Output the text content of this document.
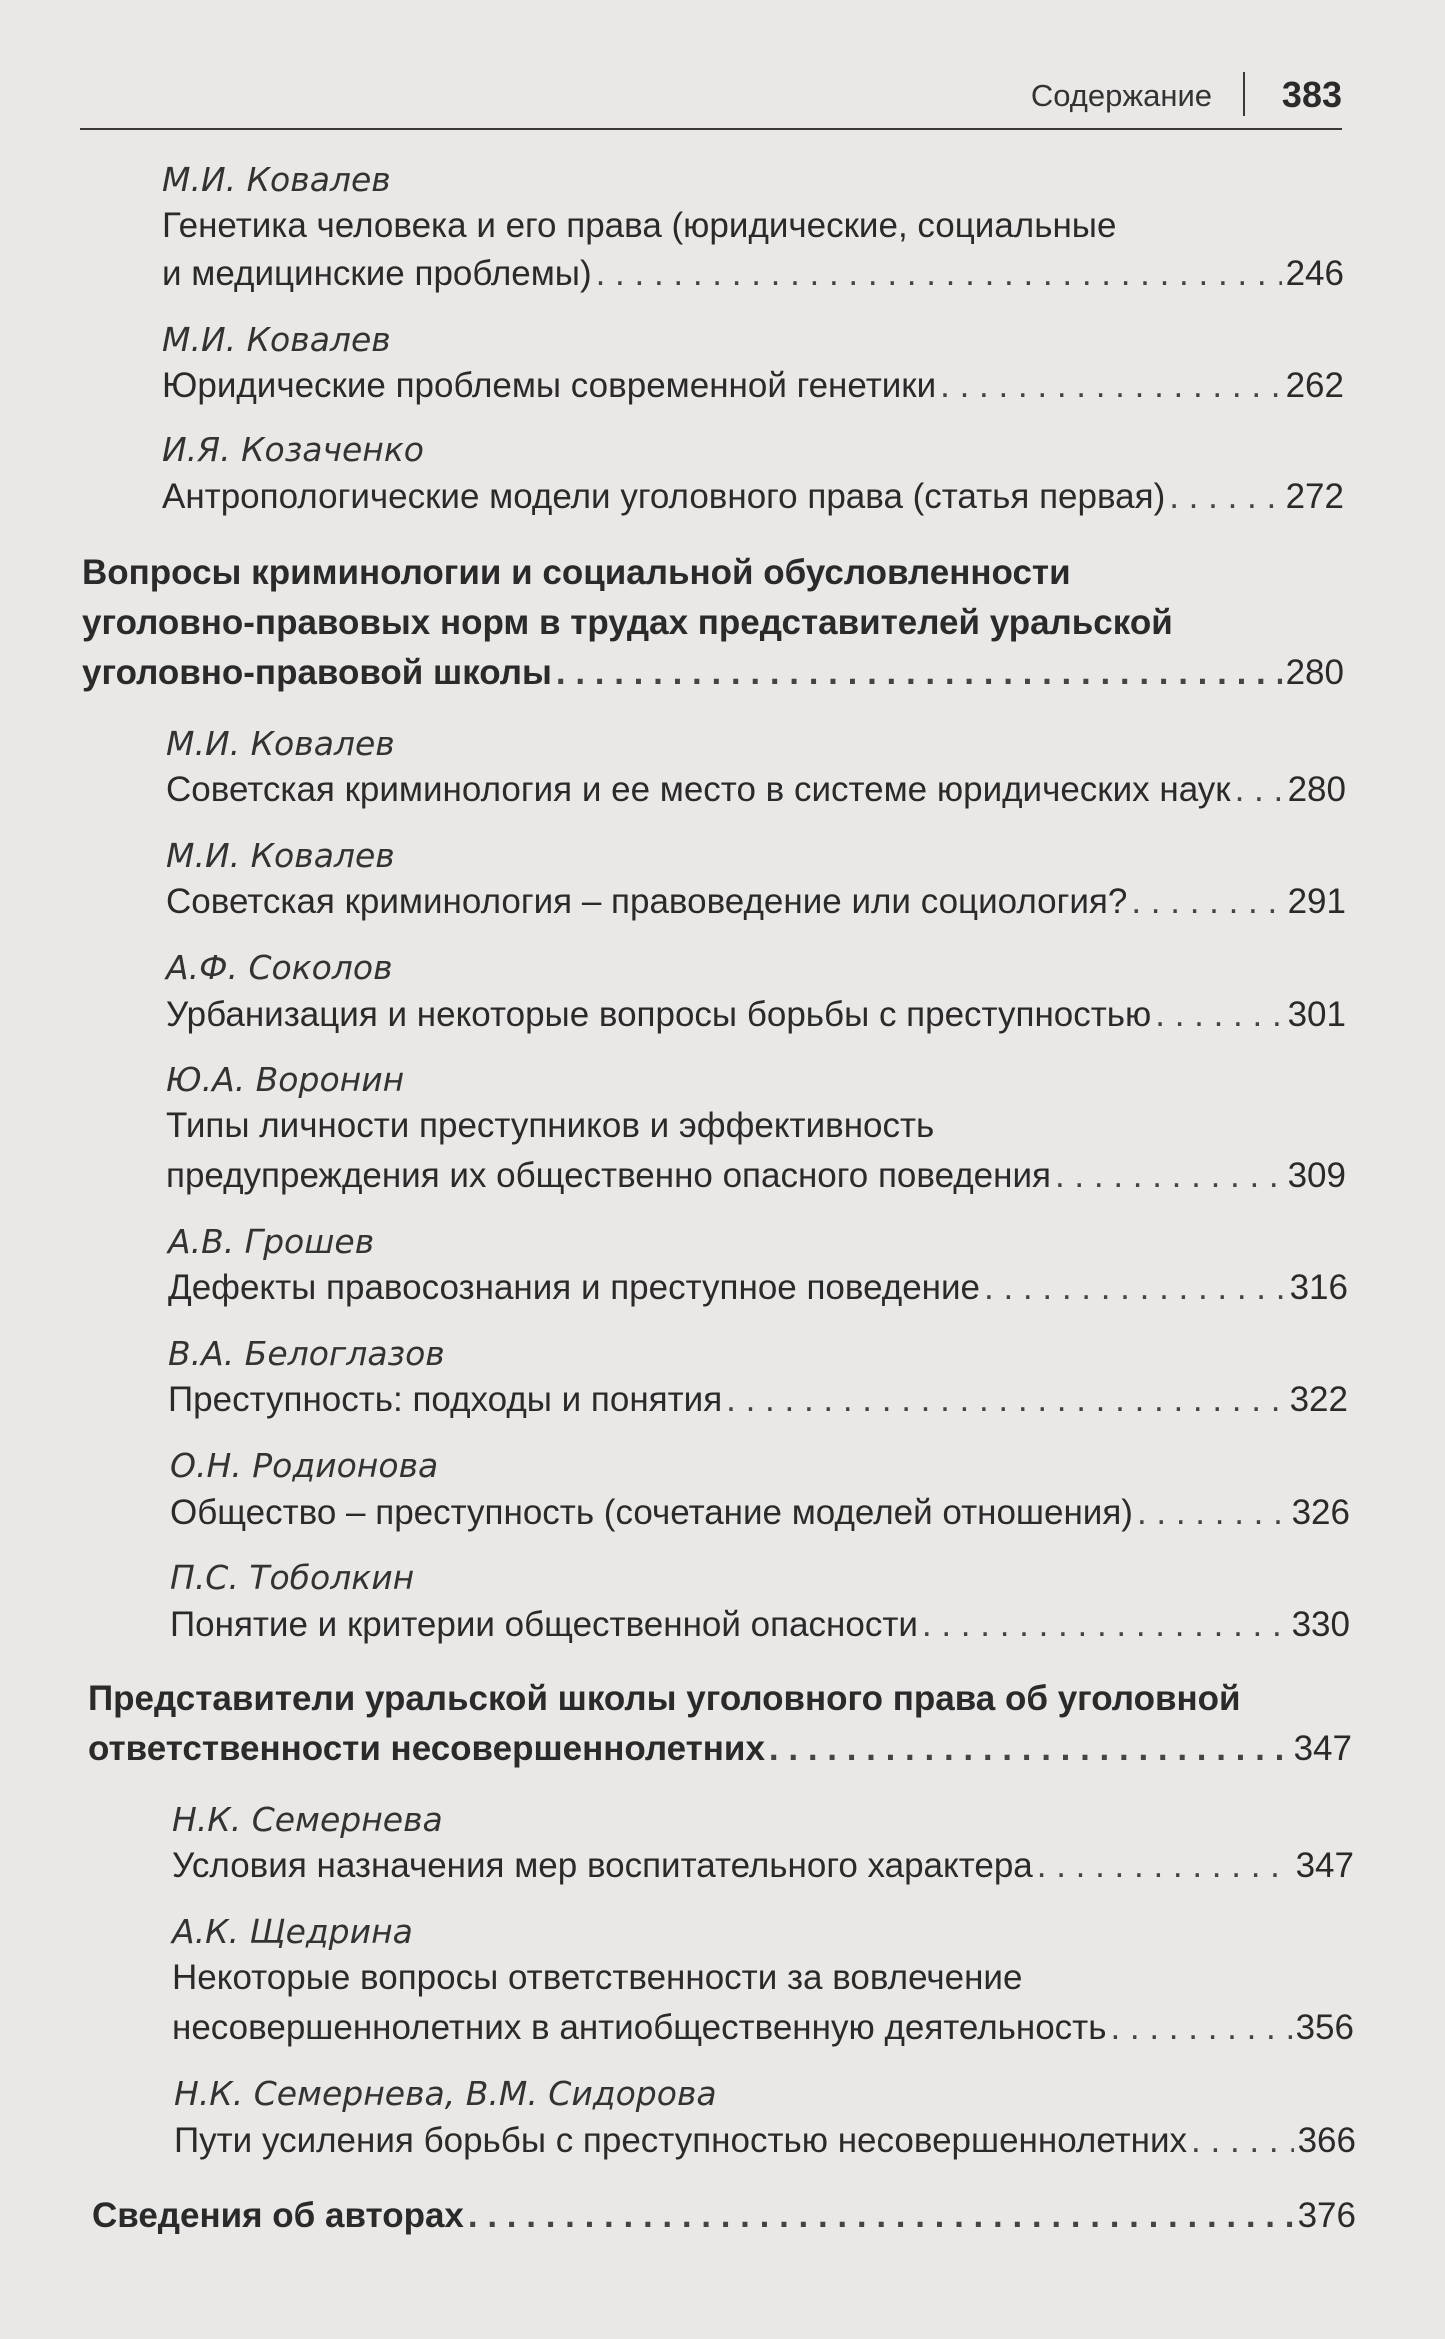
Содержание 383
М.И. Ковалев
Генетика человека и его права (юридические, социальные
и медицинские проблемы) . . .	246
М.И. Ковалев
Юридические проблемы современной генетики . . .	262
И.Я. Козаченко
Антропологические модели уголовного права (статья первая) . . .	272
Вопросы криминологии и социальной обусловленности
уголовно-правовых норм в трудах представителей уральской
уголовно-правовой школы . . .	280
М.И. Ковалев
Советская криминология и ее место в системе юридических наук . . . 280
М.И. Ковалев
Советская криминология – правоведение или социология? . . .	291
А.Ф. Соколов
Урбанизация и некоторые вопросы борьбы с преступностью . . .	301
Ю.А. Воронин
Типы личности преступников и эффективность
предупреждения их общественно опасного поведения . . .	309
А.В. Грошев
Дефекты правосознания и преступное поведение . . .	316
В.А. Белоглазов
Преступность: подходы и понятия . . .	322
О.Н. Родионова
Общество – преступность (сочетание моделей отношения) . . .	326
П.С. Тоболкин
Понятие и критерии общественной опасности . . .	330
Представители уральской школы уголовного права об уголовной
ответственности несовершеннолетних . . .	347
Н.К. Семернева
Условия назначения мер воспитательного характера . . .	347
А.К. Щедрина
Некоторые вопросы ответственности за вовлечение
несовершеннолетних в антиобщественную деятельность . . .	356
Н.К. Семернева, В.М. Сидорова
Пути усиления борьбы с преступностью несовершеннолетних . . .	366
Сведения об авторах . . .	376
